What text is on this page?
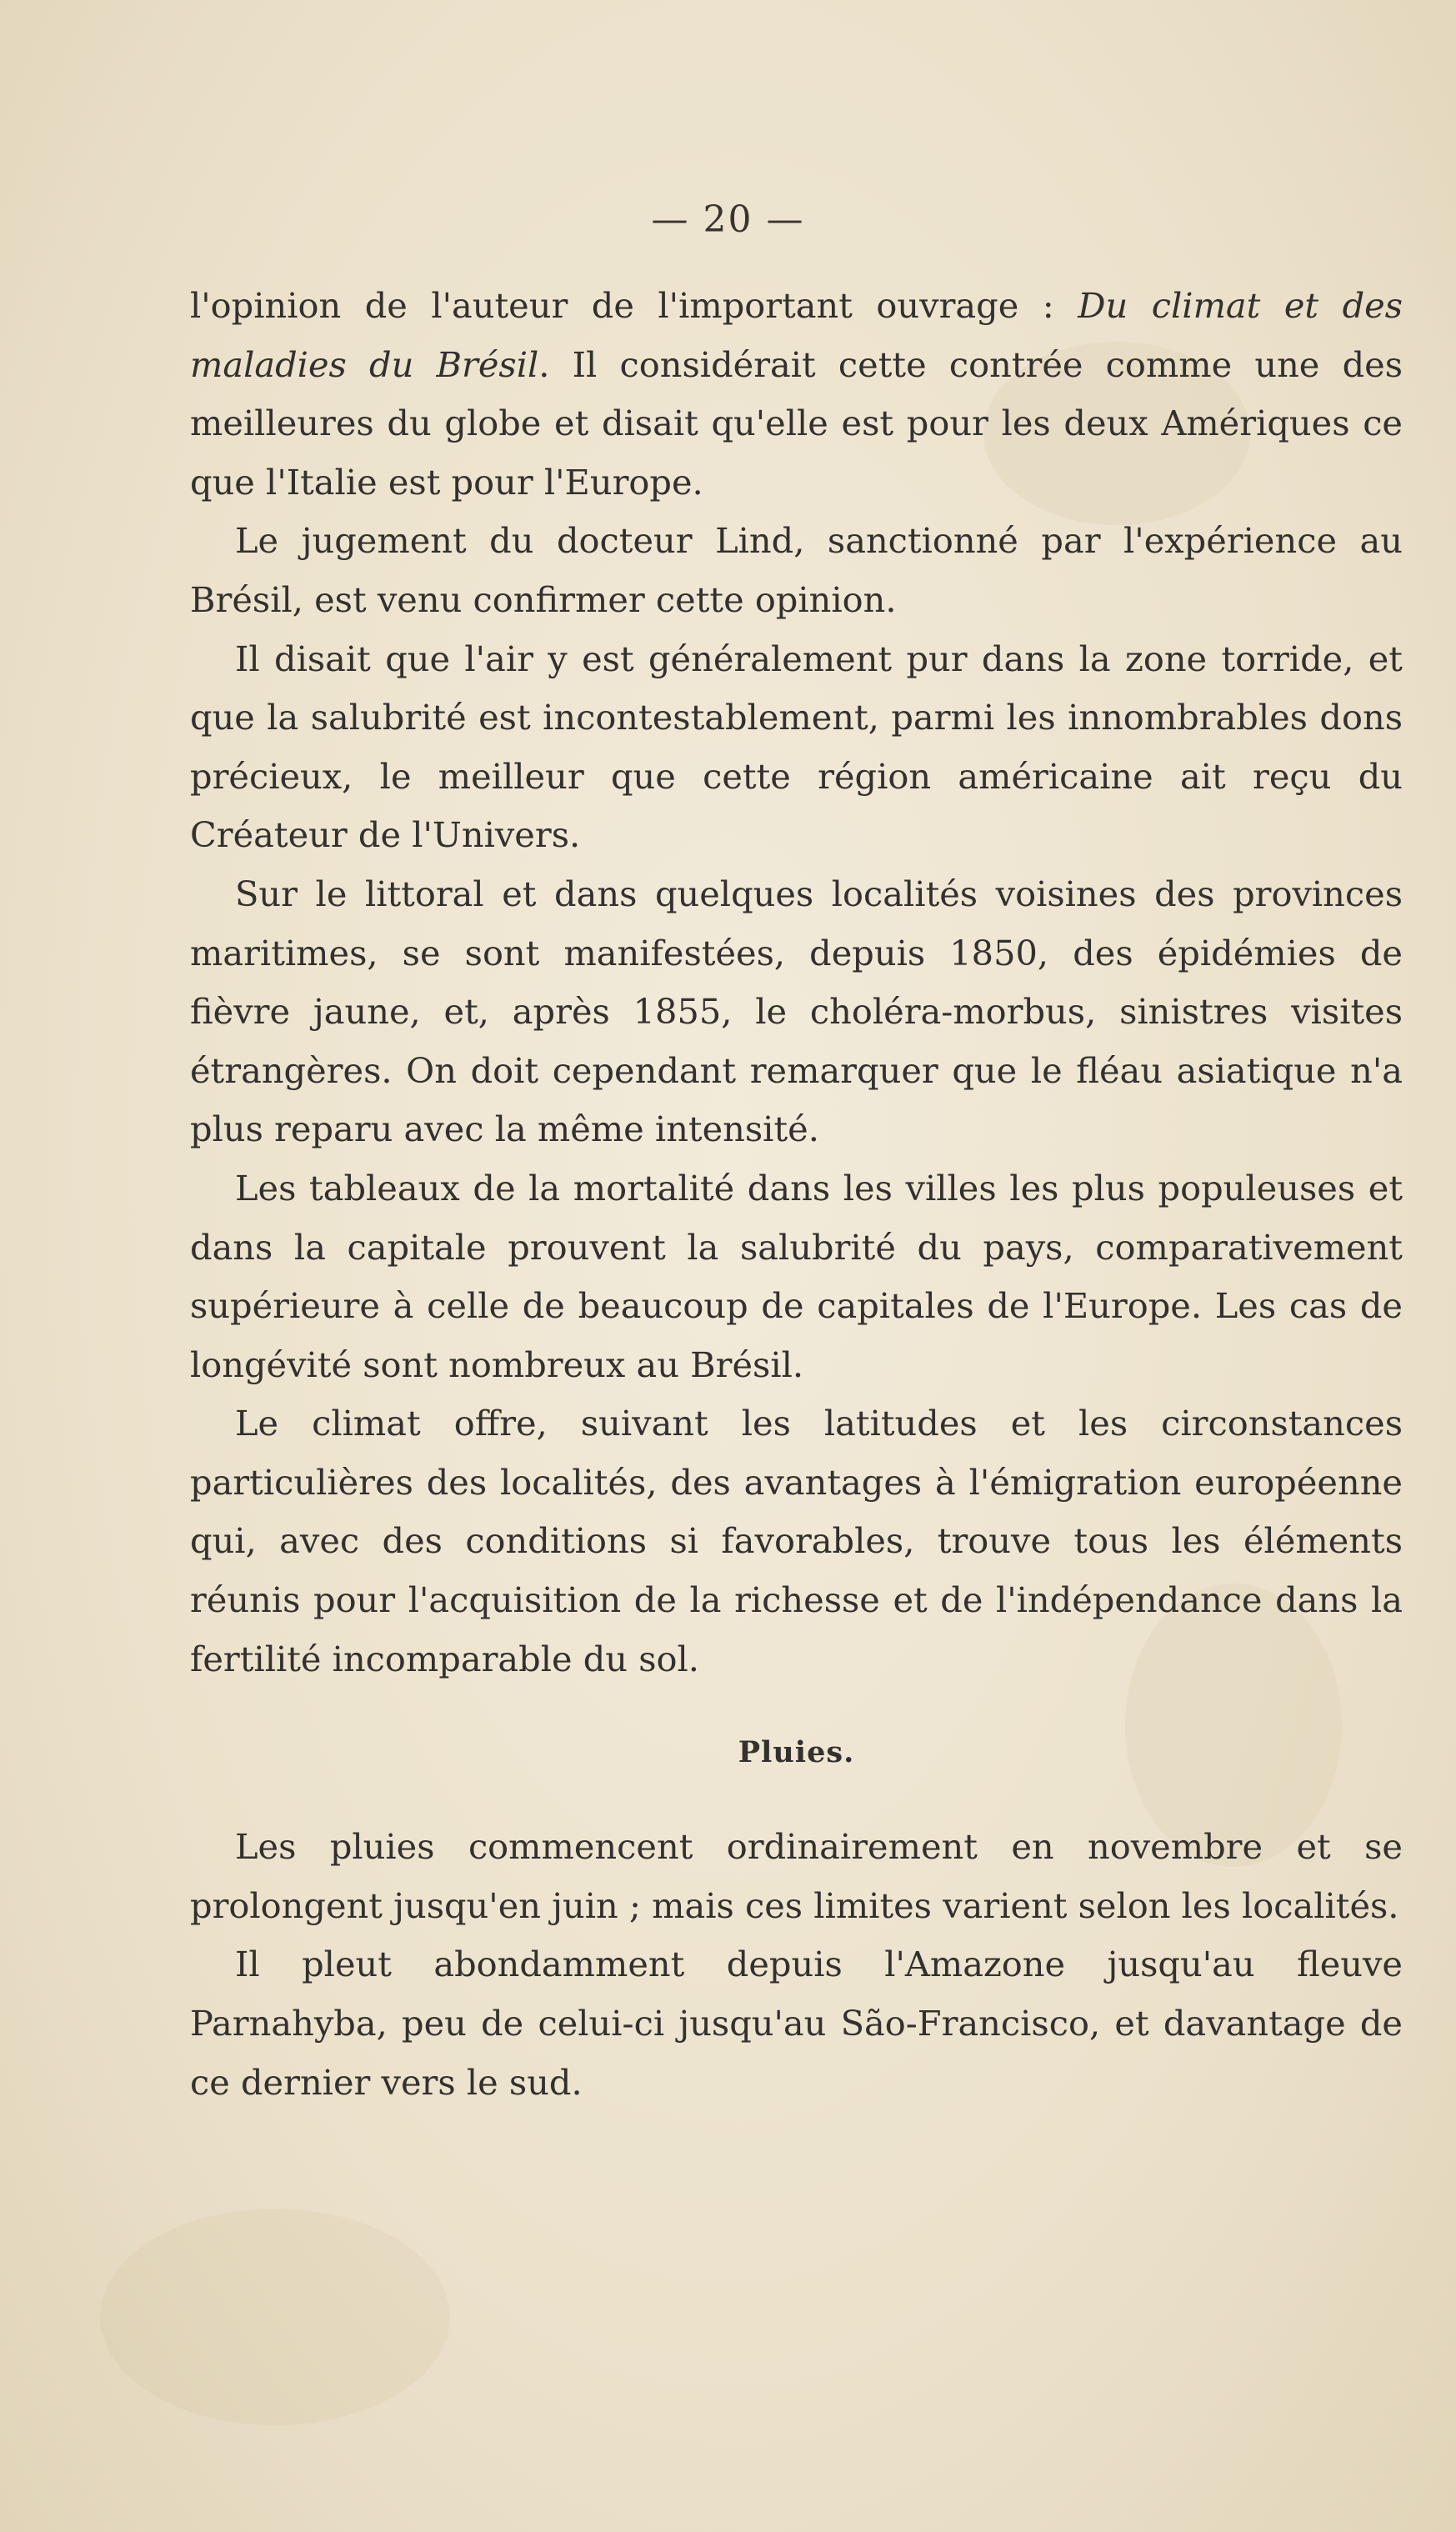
— 20 —

l'opinion de l'auteur de l'important ouvrage : Du climat et des maladies du Brésil. Il considérait cette contrée comme une des meilleures du globe et disait qu'elle est pour les deux Amériques ce que l'Italie est pour l'Europe.

Le jugement du docteur Lind, sanctionné par l'expérience au Brésil, est venu confirmer cette opinion.

Il disait que l'air y est généralement pur dans la zone torride, et que la salubrité est incontestablement, parmi les innombrables dons précieux, le meilleur que cette région américaine ait reçu du Créateur de l'Univers.

Sur le littoral et dans quelques localités voisines des provinces maritimes, se sont manifestées, depuis 1850, des épidémies de fièvre jaune, et, après 1855, le choléra-morbus, sinistres visites étrangères. On doit cependant remarquer que le fléau asiatique n'a plus reparu avec la même intensité.

Les tableaux de la mortalité dans les villes les plus populeuses et dans la capitale prouvent la salubrité du pays, comparativement supérieure à celle de beaucoup de capitales de l'Europe. Les cas de longévité sont nombreux au Brésil.

Le climat offre, suivant les latitudes et les circonstances particulières des localités, des avantages à l'émigration européenne qui, avec des conditions si favorables, trouve tous les éléments réunis pour l'acquisition de la richesse et de l'indépendance dans la fertilité incomparable du sol.

Pluies.

Les pluies commencent ordinairement en novembre et se prolongent jusqu'en juin ; mais ces limites varient selon les localités.

Il pleut abondamment depuis l'Amazone jusqu'au fleuve Parnahyba, peu de celui-ci jusqu'au São-Francisco, et davantage de ce dernier vers le sud.
